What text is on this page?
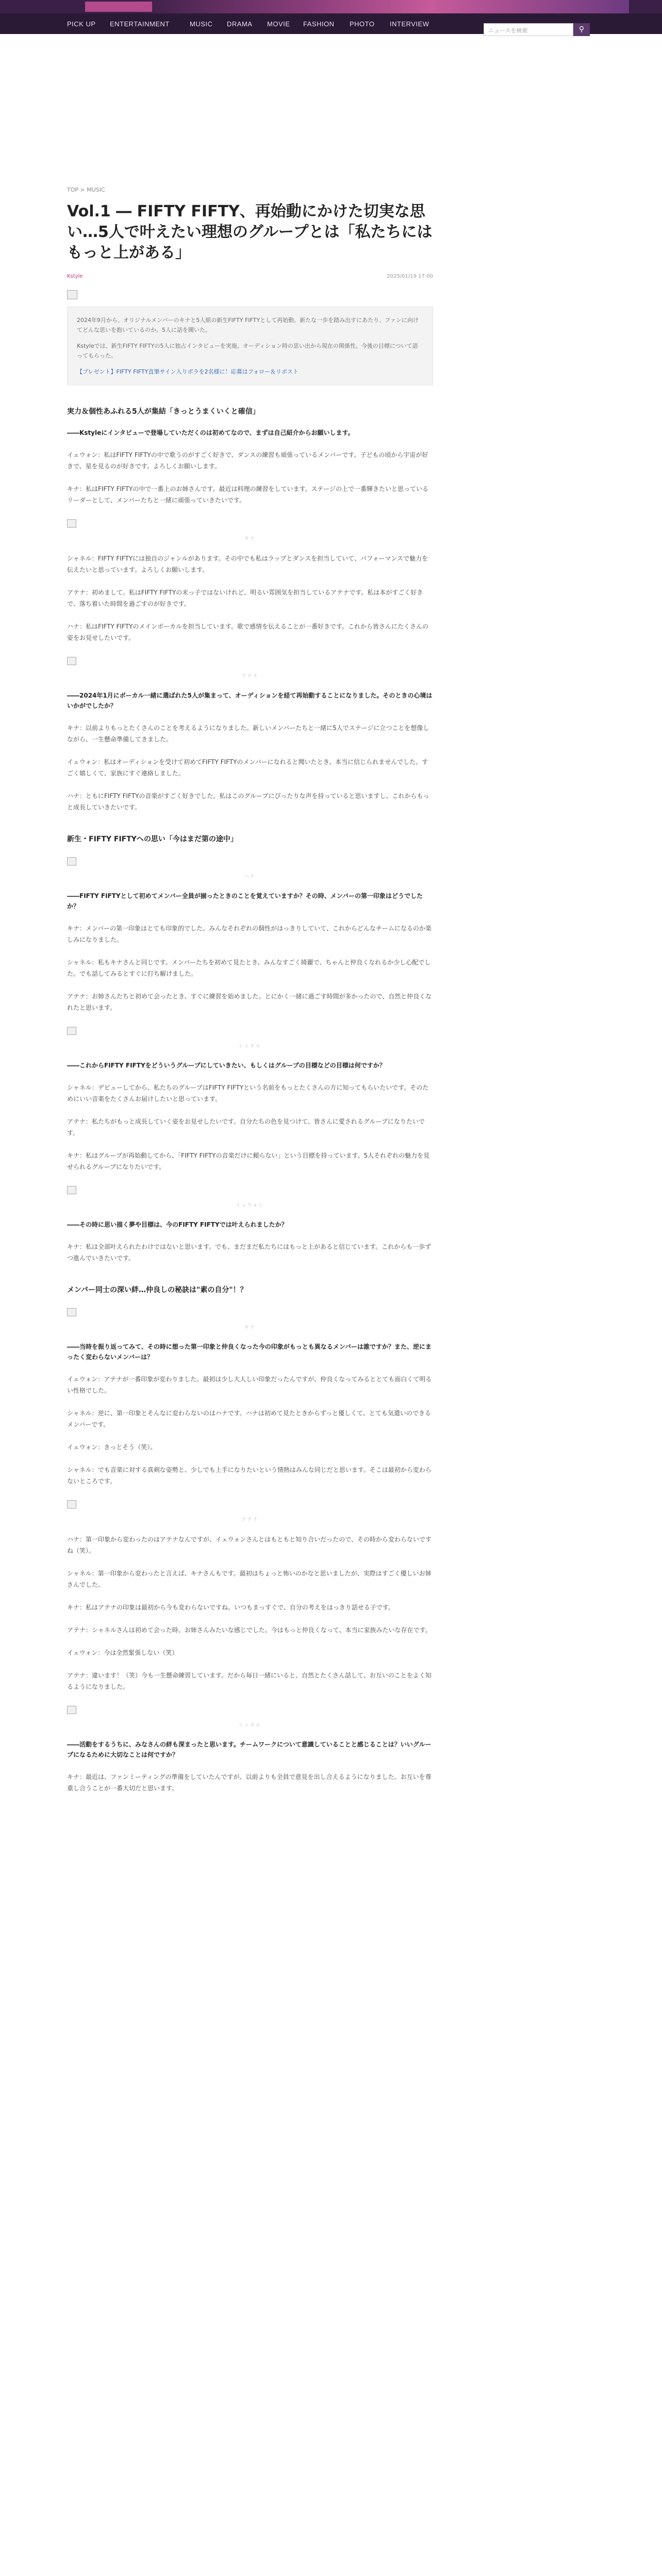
PICK UP ENTERTAINMENT	MUSIC DRAMA MOVIE FASHION PHOTO INTERVIEW
ニュースを検索	⚲
TOP > MUSIC
Vol.1 ― FIFTY FIFTY、再始動にかけた切実な思い…5人で叶えたい理想のグループとは「私たちにはもっと上がある」
Kstyle	2025/01/19 17:00

2024年9月から、オリジナルメンバーのキナと5人組の新生FIFTY FIFTYとして再始動。新たな一歩を踏み出すにあたり、ファンに向けてどんな思いを抱いているのか。5人に話を聞いた。

Kstyleでは、新生FIFTY FIFTYの5人に独占インタビューを実施。オーディション時の思い出から現在の関係性、今後の目標について語ってもらった。

【プレゼント】FIFTY FIFTY直筆サイン入りポラを2名様に！応募はフォロー＆リポスト

実力＆個性あふれる5人が集結「きっとうまくいくと確信」
――Kstyleにインタビューで登場していただくのは初めてなので、まずは自己紹介からお願いします。
イェウォン：私はFIFTY FIFTYの中で歌うのがすごく好きで、ダンスの練習も頑張っているメンバーです。子どもの頃から宇宙が好きで、星を見るのが好きです。よろしくお願いします。
キナ：私はFIFTY FIFTYの中で一番上のお姉さんです。最近は料理の練習をしています。ステージの上で一番輝きたいと思っているリーダーとして、メンバーたちと一緒に頑張っていきたいです。
キナ
シャネル：FIFTY FIFTYには独自のジャンルがあります。その中でも私はラップとダンスを担当していて、パフォーマンスで魅力を伝えたいと思っています。よろしくお願いします。
アテナ：初めまして。私はFIFTY FIFTYの末っ子ではないけれど、明るい雰囲気を担当しているアテナです。私は本がすごく好きで、落ち着いた時間を過ごすのが好きです。
ハナ：私はFIFTY FIFTYのメインボーカルを担当しています。歌で感情を伝えることが一番好きです。これから皆さんにたくさんの姿をお見せしたいです。
アテナ
――2024年1月にボーカル一緒に選ばれた5人が集まって、オーディションを経て再始動することになりました。そのときの心境はいかがでしたか？
キナ：以前よりもっとたくさんのことを考えるようになりました。新しいメンバーたちと一緒に5人でステージに立つことを想像しながら、一生懸命準備してきました。
イェウォン：私はオーディションを受けて初めてFIFTY FIFTYのメンバーになれると聞いたとき、本当に信じられませんでした。すごく嬉しくて、家族にすぐ連絡しました。
ハナ：ともにFIFTY FIFTYの音楽がすごく好きでした。私はこのグループにぴったりな声を持っていると思いますし、これからもっと成長していきたいです。
新生・FIFTY FIFTYへの思い「今はまだ第の途中」
ハナ
――FIFTY FIFTYとして初めてメンバー全員が揃ったときのことを覚えていますか？その時、メンバーの第一印象はどうでしたか？
キナ：メンバーの第一印象はとても印象的でした。みんなそれぞれの個性がはっきりしていて、これからどんなチームになるのか楽しみになりました。
シャネル：私もキナさんと同じです。メンバーたちを初めて見たとき、みんなすごく綺麗で、ちゃんと仲良くなれるか少し心配でした。でも話してみるとすぐに打ち解けました。
アテナ：お姉さんたちと初めて会ったとき、すぐに練習を始めました。とにかく一緒に過ごす時間が多かったので、自然と仲良くなれたと思います。
シャネル
――これからFIFTY FIFTYをどういうグループにしていきたい、もしくはグループの目標などの目標は何ですか？
シャネル：デビューしてから、私たちのグループはFIFTY FIFTYという名前をもっとたくさんの方に知ってもらいたいです。そのためにいい音楽をたくさんお届けしたいと思っています。
アテナ：私たちがもっと成長していく姿をお見せしたいです。自分たちの色を見つけて、皆さんに愛されるグループになりたいです。
キナ：私はグループが再始動してから、「FIFTY FIFTYの音楽だけに頼らない」という目標を持っています。5人それぞれの魅力を見せられるグループになりたいです。
イェウォン
――その時に思い描く夢や目標は、今のFIFTY FIFTYでは叶えられましたか？
キナ：私は全部叶えられたわけではないと思います。でも、まだまだ私たちにはもっと上があると信じています。これからも一歩ずつ進んでいきたいです。
メンバー同士の深い絆…仲良しの秘訣は"素の自分"！？
キナ
――当時を振り返ってみて、その時に想った第一印象と仲良くなった今の印象がもっとも異なるメンバーは誰ですか？また、逆にまったく変わらないメンバーは？
イェウォン：アテナが一番印象が変わりました。最初は少し大人しい印象だったんですが、仲良くなってみるととても面白くて明るい性格でした。
シャネル：逆に、第一印象とそんなに変わらないのはハナです。ハナは初めて見たときからずっと優しくて、とても気遣いのできるメンバーです。
イェウォン：きっとそう（笑）。
シャネル：でも音楽に対する真剣な姿勢と、少しでも上手になりたいという情熱はみんな同じだと思います。そこは最初から変わらないところです。
アテナ
ハナ：第一印象から変わったのはアテナなんですが、イェウォンさんとはもともと知り合いだったので、その時から変わらないですね（笑）。
シャネル：第一印象から変わったと言えば、キナさんもです。最初はちょっと怖いのかなと思いましたが、実際はすごく優しいお姉さんでした。
キナ：私はアテナの印象は最初から今も変わらないですね。いつもまっすぐで、自分の考えをはっきり話せる子です。
アテナ：シャネルさんは初めて会った時、お姉さんみたいな感じでした。今はもっと仲良くなって、本当に家族みたいな存在です。
イェウォン：今は全然緊張しない（笑）
アテナ：違います！（笑）今も一生懸命練習しています。だから毎日一緒にいると、自然とたくさん話して、お互いのことをよく知るようになりました。
シャネル
――活動をするうちに、みなさんの絆も深まったと思います。チームワークについて意識していることと感じることは？いいグループになるために大切なことは何ですか？
キナ：最近は、ファンミーティングの準備をしていたんですが、以前よりも全員で意見を出し合えるようになりました。お互いを尊重し合うことが一番大切だと思います。
